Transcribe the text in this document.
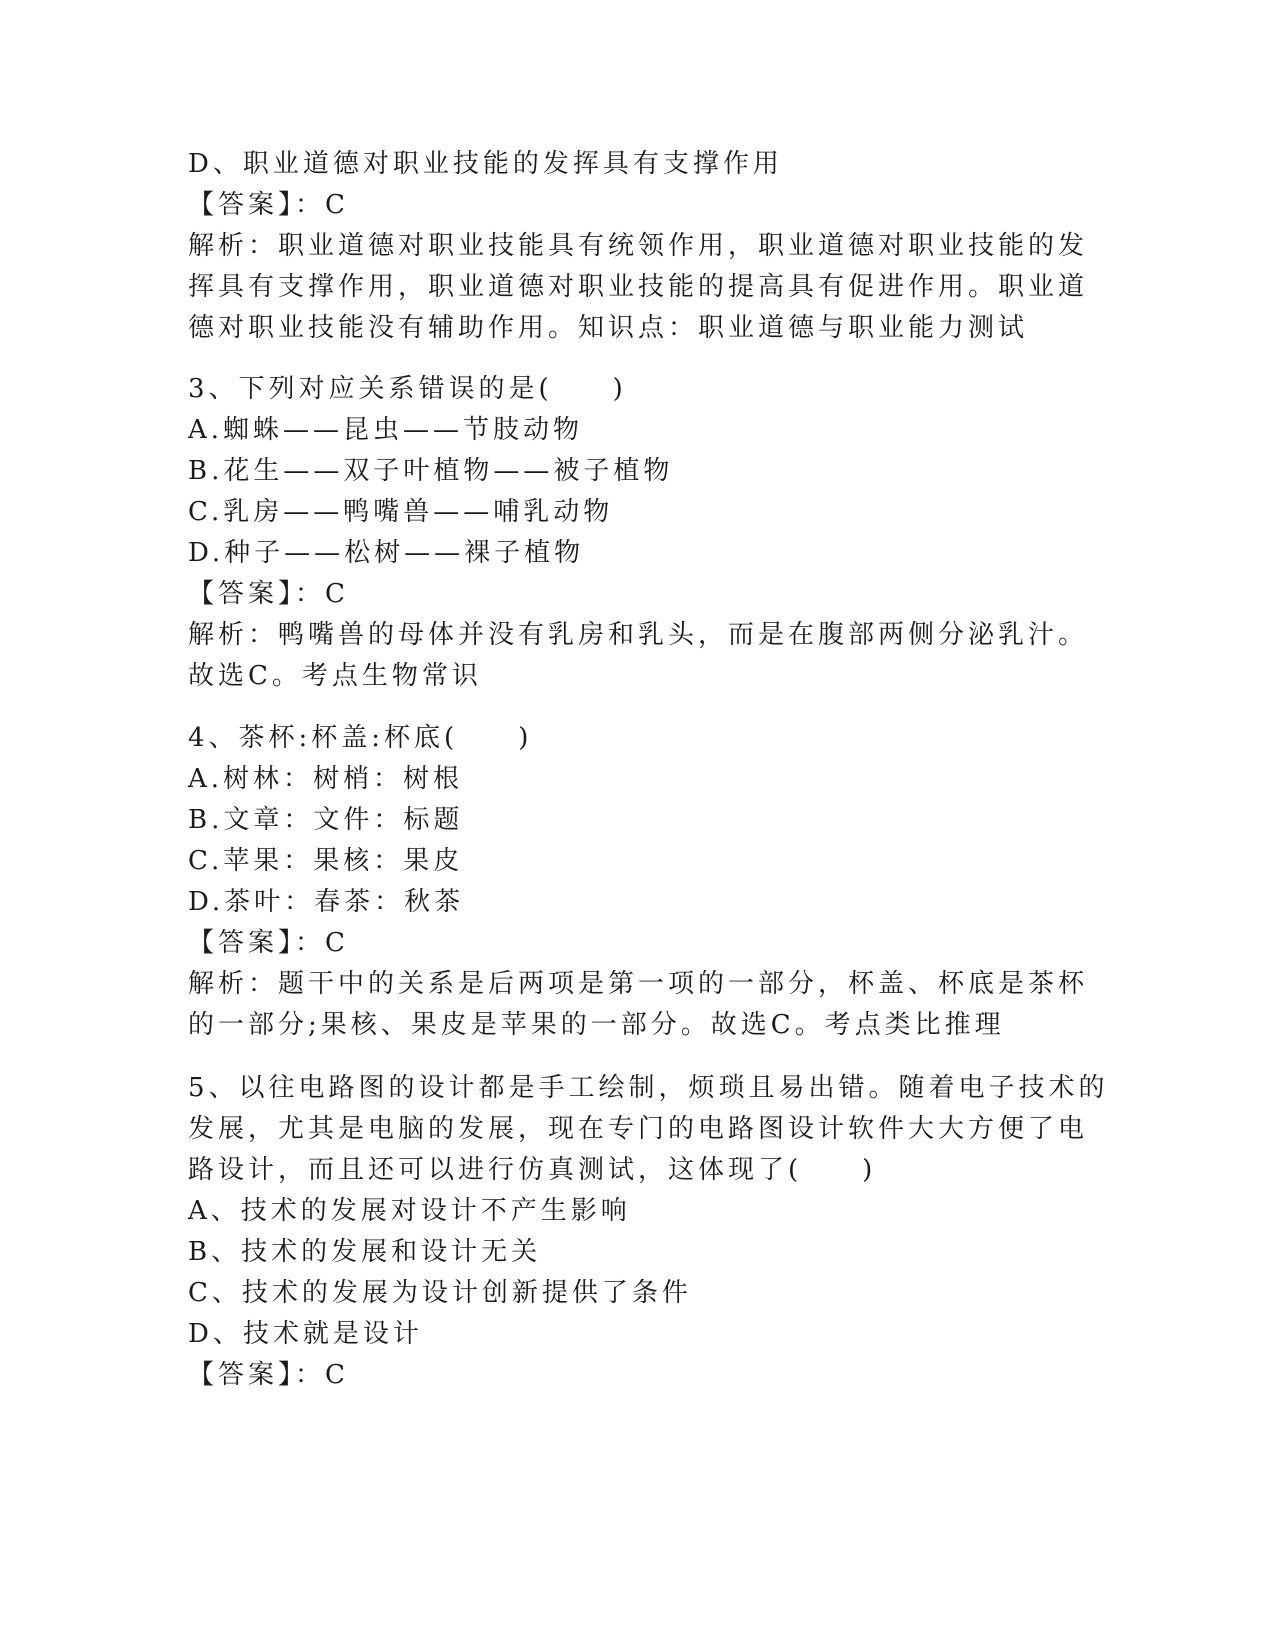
D、职业道德对职业技能的发挥具有支撑作用
【答案】：C
解析：职业道德对职业技能具有统领作用，职业道德对职业技能的发
挥具有支撑作用，职业道德对职业技能的提高具有促进作用。职业道
德对职业技能没有辅助作用。知识点：职业道德与职业能力测试
3、下列对应关系错误的是(　　)
A.蜘蛛——昆虫——节肢动物
B.花生——双子叶植物——被子植物
C.乳房——鸭嘴兽——哺乳动物
D.种子——松树——裸子植物
【答案】：C
解析：鸭嘴兽的母体并没有乳房和乳头，而是在腹部两侧分泌乳汁。
故选C。考点生物常识
4、茶杯:杯盖:杯底(　　)
A.树林：树梢：树根
B.文章：文件：标题
C.苹果：果核：果皮
D.茶叶：春茶：秋茶
【答案】：C
解析：题干中的关系是后两项是第一项的一部分，杯盖、杯底是茶杯
的一部分;果核、果皮是苹果的一部分。故选C。考点类比推理
5、以往电路图的设计都是手工绘制，烦琐且易出错。随着电子技术的
发展，尤其是电脑的发展，现在专门的电路图设计软件大大方便了电
路设计，而且还可以进行仿真测试，这体现了(　　)
A、技术的发展对设计不产生影响
B、技术的发展和设计无关
C、技术的发展为设计创新提供了条件
D、技术就是设计
【答案】：C
